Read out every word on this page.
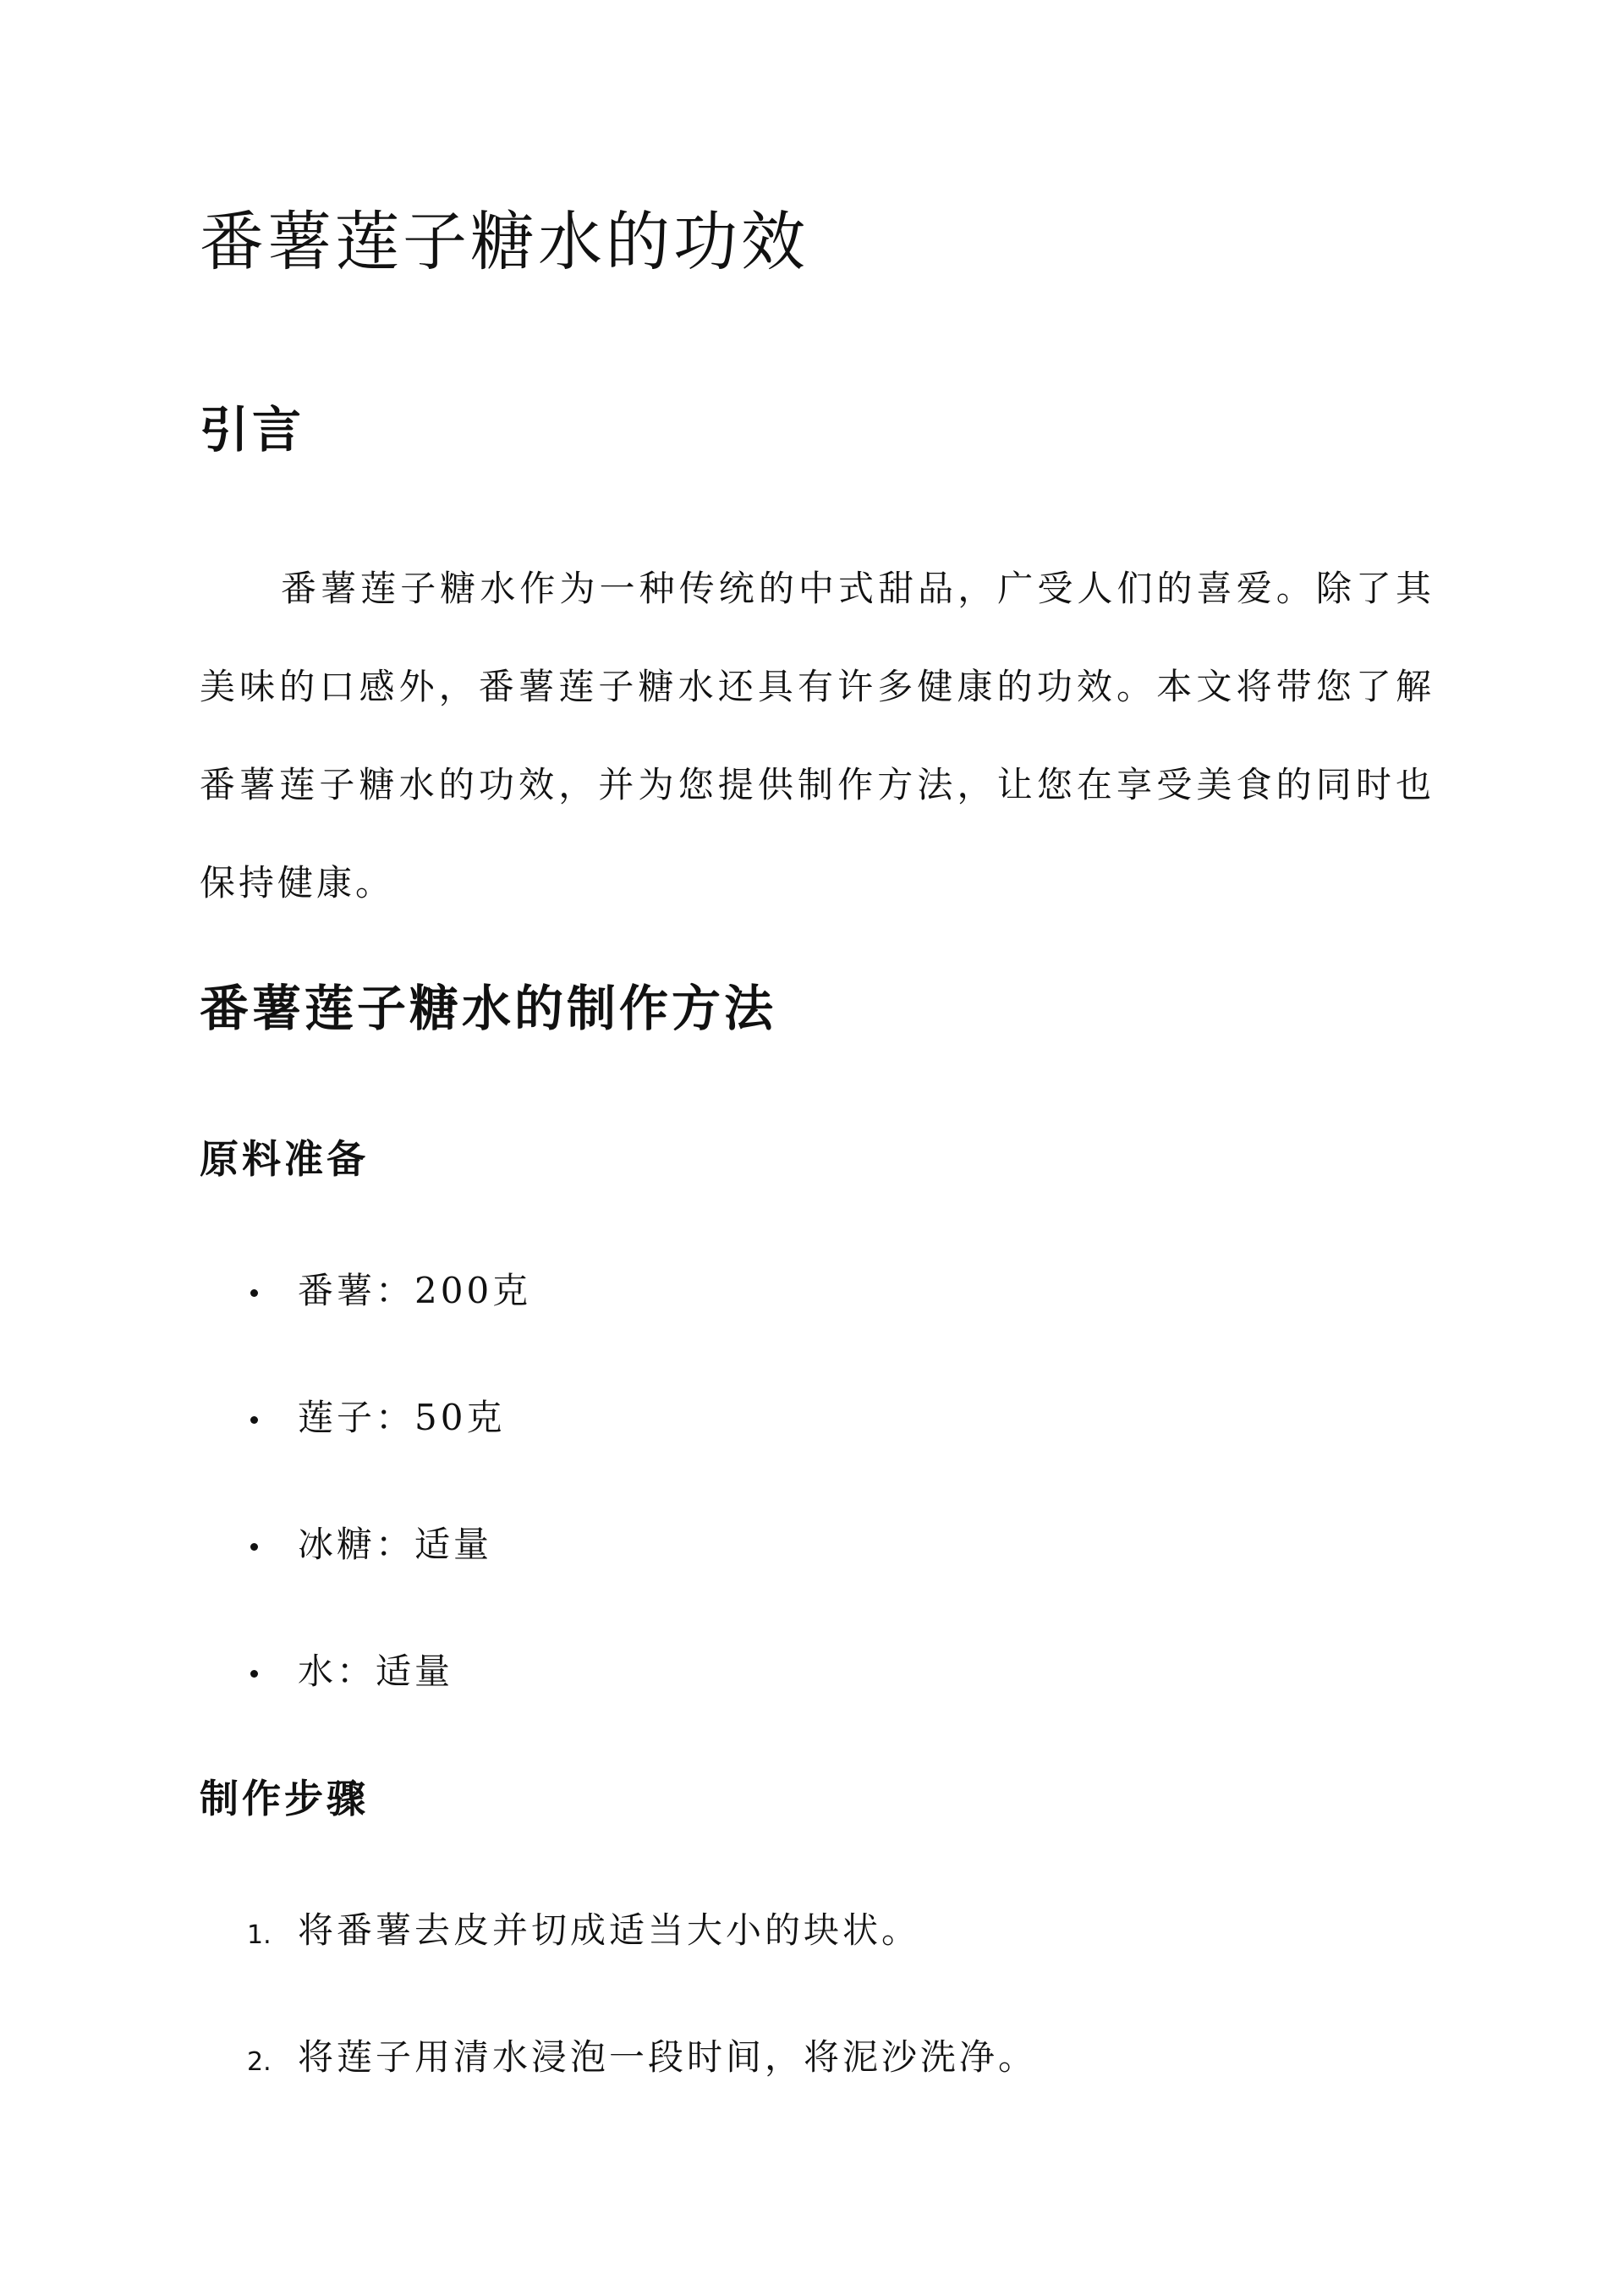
番薯莲子糖水的功效
引言

番薯莲子糖水作为一种传统的中式甜品，广受人们的喜爱。除了其美味的口感外，番薯莲子糖水还具有许多健康的功效。本文将带您了解番薯莲子糖水的功效，并为您提供制作方法，让您在享受美食的同时也保持健康。

番薯莲子糖水的制作方法
原料准备
番薯：200克
莲子：50克
冰糖：适量
水：适量
制作步骤
1. 将番薯去皮并切成适当大小的块状。
2. 将莲子用清水浸泡一段时间，将泥沙洗净。
